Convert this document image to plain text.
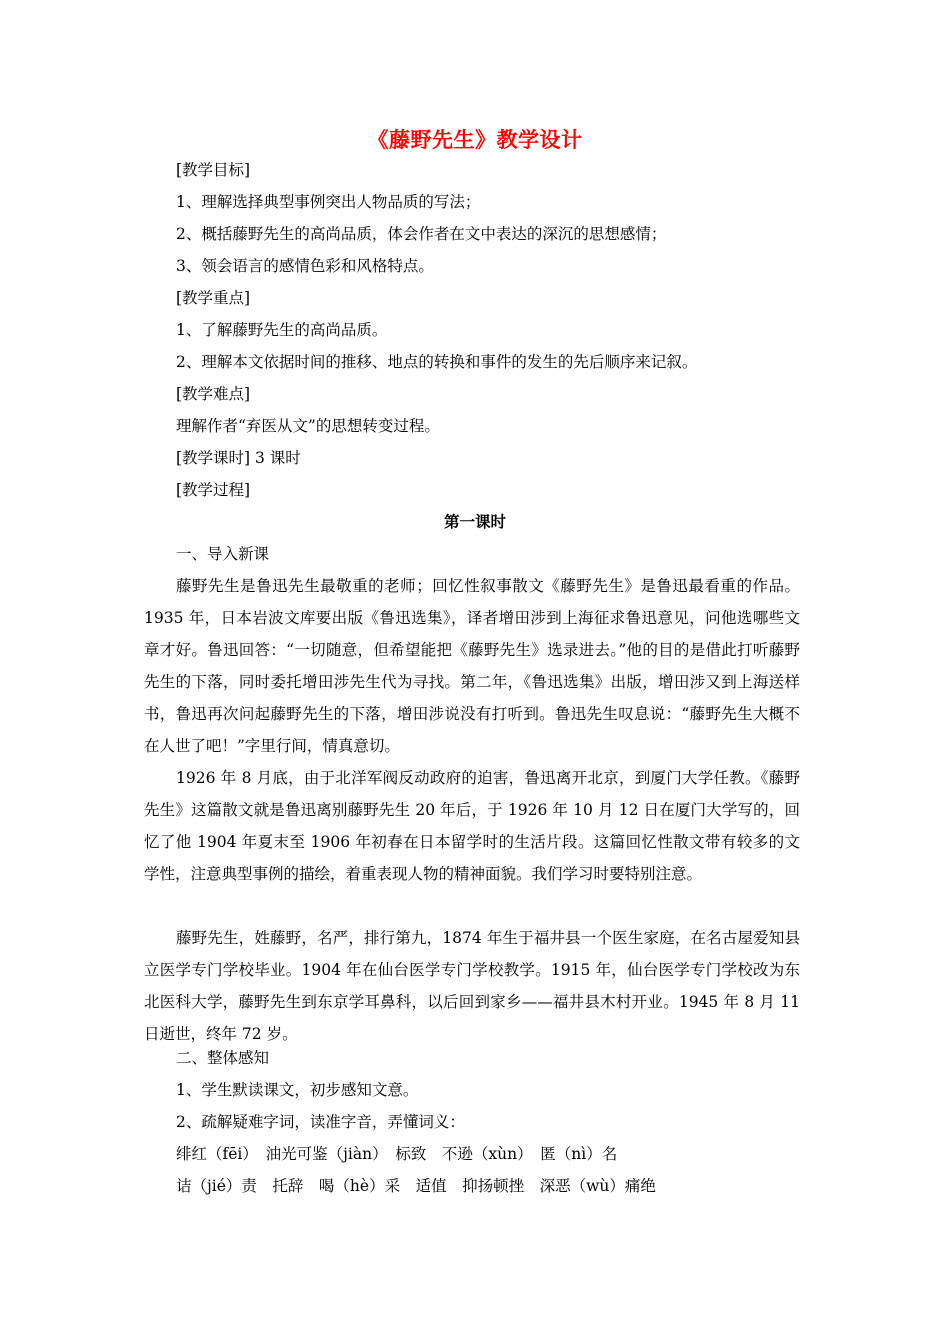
《藤野先生》教学设计
[教学目标]
1、理解选择典型事例突出人物品质的写法；
2、概括藤野先生的高尚品质，体会作者在文中表达的深沉的思想感情；
3、领会语言的感情色彩和风格特点。
[教学重点]
1、了解藤野先生的高尚品质。
2、理解本文依据时间的推移、地点的转换和事件的发生的先后顺序来记叙。
[教学难点]
理解作者“弃医从文”的思想转变过程。
[教学课时] 3 课时
[教学过程]
第一课时
一、导入新课
藤野先生是鲁迅先生最敬重的老师；回忆性叙事散文《藤野先生》是鲁迅最看重的作品。1935 年，日本岩波文库要出版《鲁迅选集》，译者增田涉到上海征求鲁迅意见，问他选哪些文章才好。鲁迅回答：“一切随意，但希望能把《藤野先生》选录进去。”他的目的是借此打听藤野先生的下落，同时委托增田涉先生代为寻找。第二年，《鲁迅选集》出版，增田涉又到上海送样书，鲁迅再次问起藤野先生的下落，增田涉说没有打听到。鲁迅先生叹息说：“藤野先生大概不在人世了吧！”字里行间，情真意切。
1926 年 8 月底，由于北洋军阀反动政府的迫害，鲁迅离开北京，到厦门大学任教。《藤野先生》这篇散文就是鲁迅离别藤野先生 20 年后，于 1926 年 10 月 12 日在厦门大学写的，回忆了他 1904 年夏末至 1906 年初春在日本留学时的生活片段。这篇回忆性散文带有较多的文学性，注意典型事例的描绘，着重表现人物的精神面貌。我们学习时要特别注意。
藤野先生，姓藤野，名严，排行第九，1874 年生于福井县一个医生家庭，在名古屋爱知县立医学专门学校毕业。1904 年在仙台医学专门学校教学。1915 年，仙台医学专门学校改为东北医科大学，藤野先生到东京学耳鼻科，以后回到家乡——福井县木村开业。1945 年 8 月 11 日逝世，终年 72 岁。
二、整体感知
1、学生默读课文，初步感知文意。
2、疏解疑难字词，读准字音，弄懂词义：
绯红（fēi）　油光可鉴（jiàn）　标致　不逊（xùn）　匿（nì）名
诘（jié）责　托辞　喝（hè）采　适值　抑扬顿挫　深恶（wù）痛绝
